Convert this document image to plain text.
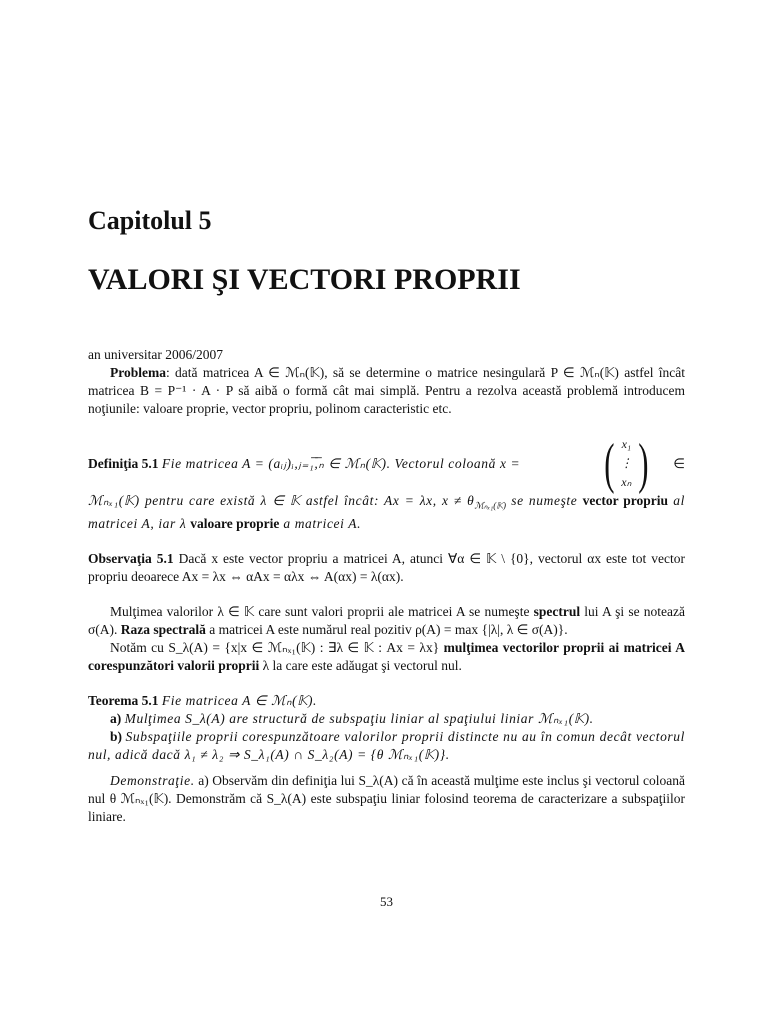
Capitolul 5
VALORI ŞI VECTORI PROPRII

an universitar 2006/2007

Problema: dată matricea A ∈ ℳₙ(𝕂), să se determine o matrice nesingulară P ∈ ℳₙ(𝕂) astfel încât matricea B = P⁻¹ · A · P să aibă o formă cât mai simplă. Pentru a rezolva această problemă introducem noţiunile: valoare proprie, vector propriu, polinom caracteristic etc.

Definiţia 5.1 Fie matricea A = (aᵢⱼ)ᵢ,ⱼ₌₁̅,̅ₙ ∈ ℳₙ(𝕂). Vectorul coloană x =	( x₁
⋮
xₙ )	∈

ℳₙₓ₁(𝕂) pentru care există λ ∈ 𝕂 astfel încât: Ax = λx, $x \ne \theta_{ℳ_{nx1}(𝕂)}$ se numeşte vector propriu al matricei A, iar λ valoare proprie a matricei A.

Observaţia 5.1 Dacă x este vector propriu a matricei A, atunci ∀α ∈ 𝕂 \ {0}, vectorul αx este tot vector propriu deoarece Ax = λx ⇔ αAx = αλx ⇔ A(αx) = λ(αx).

Mulţimea valorilor λ ∈ 𝕂 care sunt valori proprii ale matricei A se numeşte spectrul lui A şi se notează σ(A). Raza spectrală a matricei A este numărul real pozitiv ρ(A) = max {|λ|, λ ∈ σ(A)}.

Notăm cu S_λ(A) = {x|x ∈ ℳₙₓ₁(𝕂) : ∃λ ∈ 𝕂 : Ax = λx} mulţimea vectorilor proprii ai matricei A corespunzători valorii proprii λ la care este adăugat şi vectorul nul.

Teorema 5.1 Fie matricea A ∈ ℳₙ(𝕂).

a) Mulţimea S_λ(A) are structură de subspaţiu liniar al spaţiului liniar ℳₙₓ₁(𝕂).

b) Subspaţiile proprii corespunzătoare valorilor proprii distincte nu au în comun decât vectorul nul, adică dacă λ₁ ≠ λ₂ ⇒ S_λ₁(A) ∩ S_λ₂(A) = {θ ℳₙₓ₁(𝕂)}.

Demonstraţie. a) Observăm din definiţia lui S_λ(A) că în această mulţime este inclus şi vectorul coloană nul θ ℳₙₓ₁(𝕂). Demonstrăm că S_λ(A) este subspaţiu liniar folosind teorema de caracterizare a subspaţiilor liniare.

53
